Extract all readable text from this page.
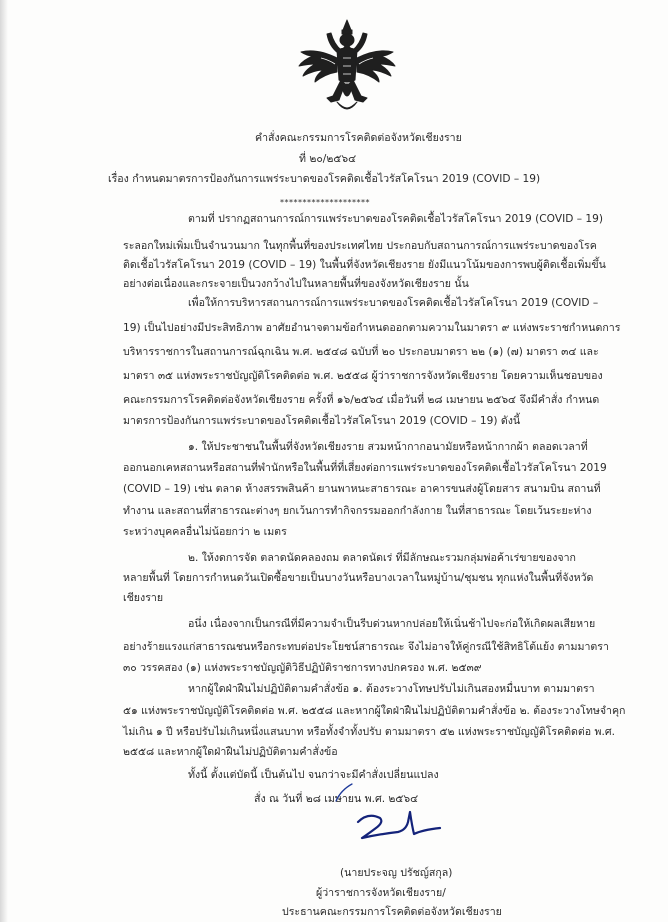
คำสั่งคณะกรรมการโรคติดต่อจังหวัดเชียงราย
ที่ ๒๐/๒๕๖๔
เรื่อง กำหนดมาตรการป้องกันการแพร่ระบาดของโรคติดเชื้อไวรัสโคโรนา 2019 (COVID – 19)
********************
ตามที่ ปรากฏสถานการณ์การแพร่ระบาดของโรคติดเชื้อไวรัสโคโรนา 2019 (COVID – 19)
ระลอกใหม่เพิ่มเป็นจำนวนมาก ในทุกพื้นที่ของประเทศไทย ประกอบกับสถานการณ์การแพร่ระบาดของโรค
ติดเชื้อไวรัสโคโรนา 2019 (COVID – 19) ในพื้นที่จังหวัดเชียงราย ยังมีแนวโน้มของการพบผู้ติดเชื้อเพิ่มขึ้น
อย่างต่อเนื่องและกระจายเป็นวงกว้างไปในหลายพื้นที่ของจังหวัดเชียงราย นั้น
เพื่อให้การบริหารสถานการณ์การแพร่ระบาดของโรคติดเชื้อไวรัสโคโรนา 2019 (COVID –
19) เป็นไปอย่างมีประสิทธิภาพ อาศัยอำนาจตามข้อกำหนดออกตามความในมาตรา ๙ แห่งพระราชกำหนดการ
บริหารราชการในสถานการณ์ฉุกเฉิน พ.ศ. ๒๕๔๘ ฉบับที่ ๒๐ ประกอบมาตรา ๒๒ (๑) (๗) มาตรา ๓๔ และ
มาตรา ๓๕ แห่งพระราชบัญญัติโรคติดต่อ พ.ศ. ๒๕๕๘ ผู้ว่าราชการจังหวัดเชียงราย โดยความเห็นชอบของ
คณะกรรมการโรคติดต่อจังหวัดเชียงราย ครั้งที่ ๑๖/๒๕๖๔ เมื่อวันที่ ๒๘ เมษายน ๒๕๖๔ จึงมีคำสั่ง กำหนด
มาตรการป้องกันการแพร่ระบาดของโรคติดเชื้อไวรัสโคโรนา 2019 (COVID – 19) ดังนี้
๑. ให้ประชาชนในพื้นที่จังหวัดเชียงราย สวมหน้ากากอนามัยหรือหน้ากากผ้า ตลอดเวลาที่
ออกนอกเคหสถานหรือสถานที่พำนักหรือในพื้นที่ที่เสี่ยงต่อการแพร่ระบาดของโรคติดเชื้อไวรัสโคโรนา 2019
(COVID – 19) เช่น ตลาด ห้างสรรพสินค้า ยานพาหนะสาธารณะ อาคารขนส่งผู้โดยสาร สนามบิน สถานที่
ทำงาน และสถานที่สาธารณะต่างๆ ยกเว้นการทำกิจกรรมออกกำลังกาย ในที่สาธารณะ โดยเว้นระยะห่าง
ระหว่างบุคคลอื่นไม่น้อยกว่า ๒ เมตร
๒. ให้งดการจัด ตลาดนัดคลองถม ตลาดนัดเร่ ที่มีลักษณะรวมกลุ่มพ่อค้าเร่ขายของจาก
หลายพื้นที่ โดยการกำหนดวันเปิดซื้อขายเป็นบางวันหรือบางเวลาในหมู่บ้าน/ชุมชน ทุกแห่งในพื้นที่จังหวัด
เชียงราย
อนึ่ง เนื่องจากเป็นกรณีที่มีความจำเป็นรีบด่วนหากปล่อยให้เนิ่นช้าไปจะก่อให้เกิดผลเสียหาย
อย่างร้ายแรงแก่สาธารณชนหรือกระทบต่อประโยชน์สาธารณะ จึงไม่อาจให้คู่กรณีใช้สิทธิโต้แย้ง ตามมาตรา
๓๐ วรรคสอง (๑) แห่งพระราชบัญญัติวิธีปฏิบัติราชการทางปกครอง พ.ศ. ๒๕๓๙
หากผู้ใดฝ่าฝืนไม่ปฏิบัติตามคำสั่งข้อ ๑. ต้องระวางโทษปรับไม่เกินสองหมื่นบาท ตามมาตรา
๕๑ แห่งพระราชบัญญัติโรคติดต่อ พ.ศ. ๒๕๕๘ และหากผู้ใดฝ่าฝืนไม่ปฏิบัติตามคำสั่งข้อ ๒. ต้องระวางโทษจำคุก
ไม่เกิน ๑ ปี หรือปรับไม่เกินหนึ่งแสนบาท หรือทั้งจำทั้งปรับ ตามมาตรา ๕๒ แห่งพระราชบัญญัติโรคติดต่อ พ.ศ.
๒๕๕๘ และหากผู้ใดฝ่าฝืนไม่ปฏิบัติตามคำสั่งข้อ
ทั้งนี้ ตั้งแต่บัดนี้ เป็นต้นไป จนกว่าจะมีคำสั่งเปลี่ยนแปลง
สั่ง ณ วันที่ ๒๘ เมษายน พ.ศ. ๒๕๖๔
(นายประจญ ปรัชญ์สกุล)
ผู้ว่าราชการจังหวัดเชียงราย/
ประธานคณะกรรมการโรคติดต่อจังหวัดเชียงราย
